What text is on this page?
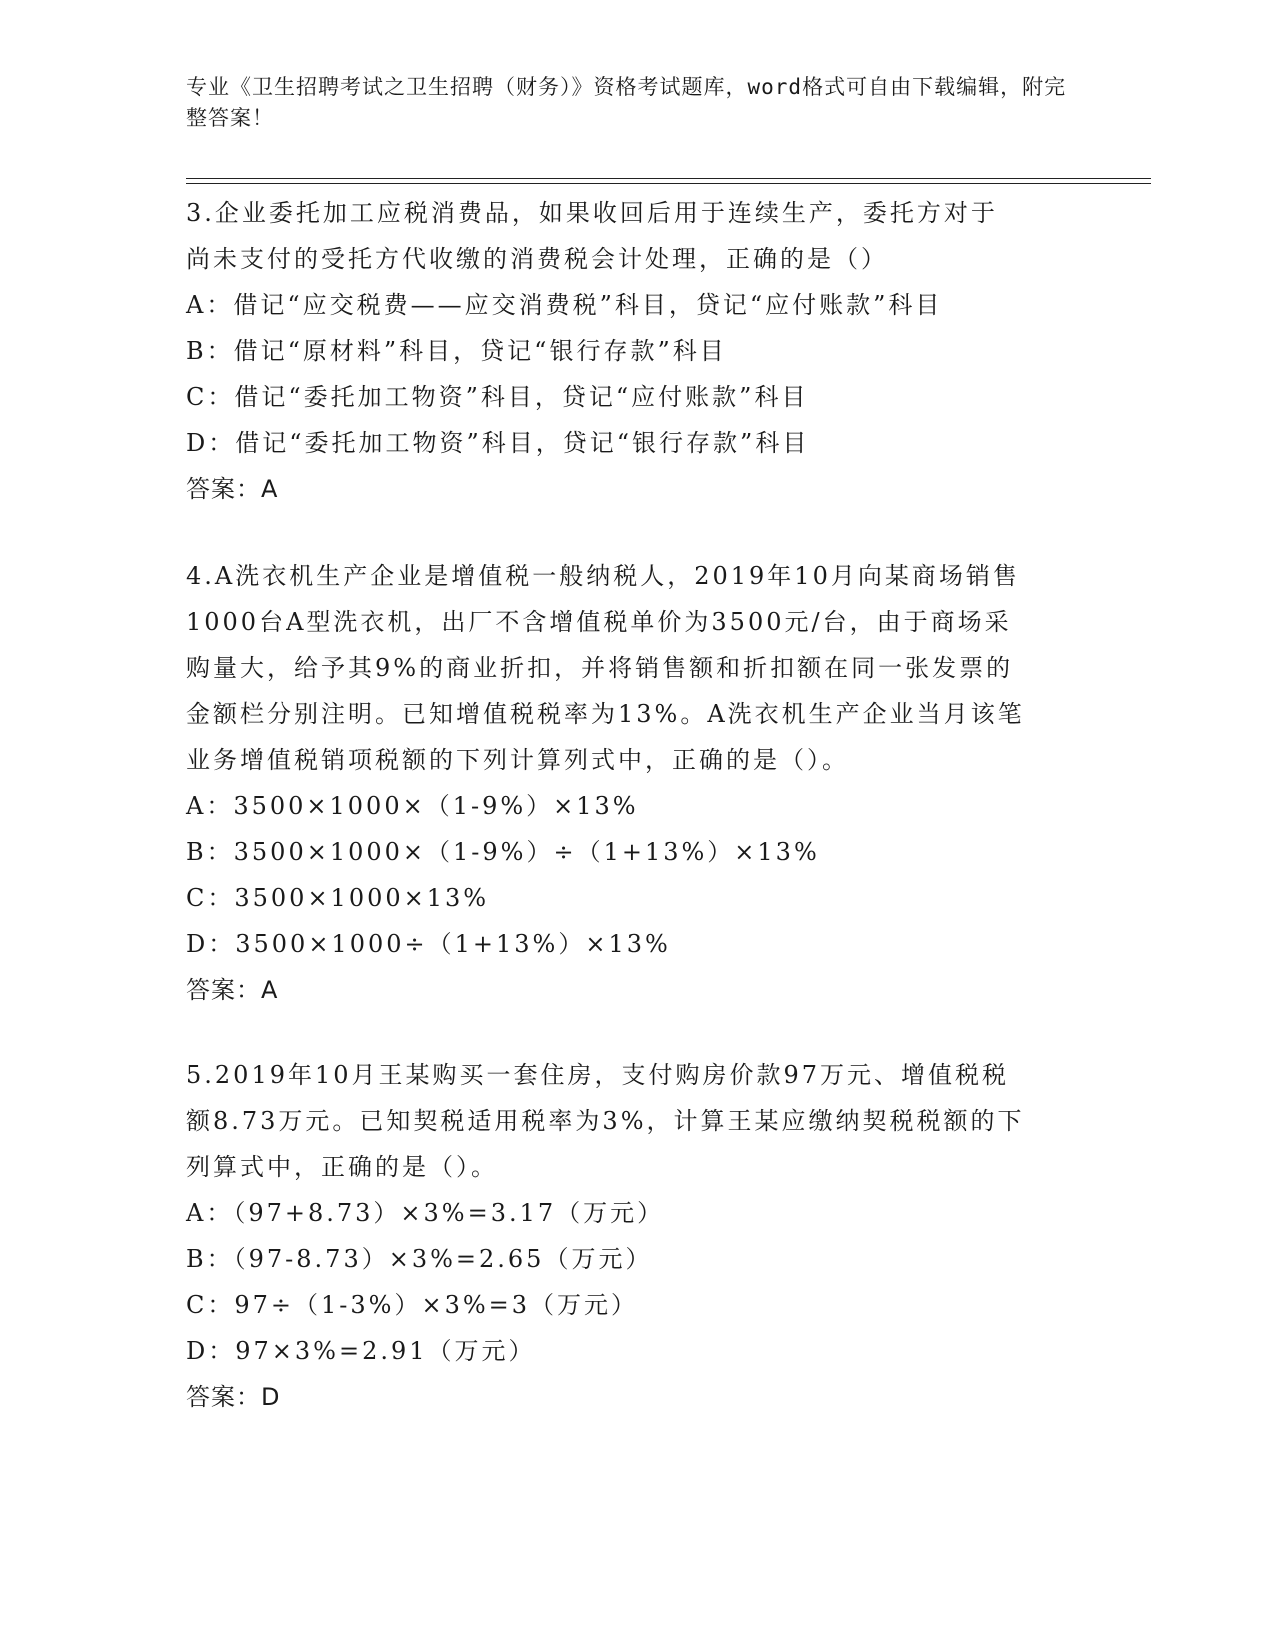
专业《卫生招聘考试之卫生招聘（财务）》资格考试题库，word格式可自由下载编辑，附完整答案！

3.企业委托加工应税消费品，如果收回后用于连续生产，委托方对于

尚未支付的受托方代收缴的消费税会计处理，正确的是（）

A：借记“应交税费——应交消费税”科目，贷记“应付账款”科目

B：借记“原材料”科目，贷记“银行存款”科目

C：借记“委托加工物资”科目，贷记“应付账款”科目

D：借记“委托加工物资”科目，贷记“银行存款”科目

答案：A

4.A洗衣机生产企业是增值税一般纳税人，2019年10月向某商场销售

1000台A型洗衣机，出厂不含增值税单价为3500元/台，由于商场采

购量大，给予其9%的商业折扣，并将销售额和折扣额在同一张发票的

金额栏分别注明。已知增值税税率为13%。A洗衣机生产企业当月该笔

业务增值税销项税额的下列计算列式中，正确的是（）。

A：3500×1000×（1-9%）×13%

B：3500×1000×（1-9%）÷（1+13%）×13%

C：3500×1000×13%

D：3500×1000÷（1+13%）×13%

答案：A

5.2019年10月王某购买一套住房，支付购房价款97万元、增值税税

额8.73万元。已知契税适用税率为3%，计算王某应缴纳契税税额的下

列算式中，正确的是（）。

A：（97+8.73）×3%=3.17（万元）

B：（97-8.73）×3%=2.65（万元）

C：97÷（1-3%）×3%=3（万元）

D：97×3%=2.91（万元）

答案：D
